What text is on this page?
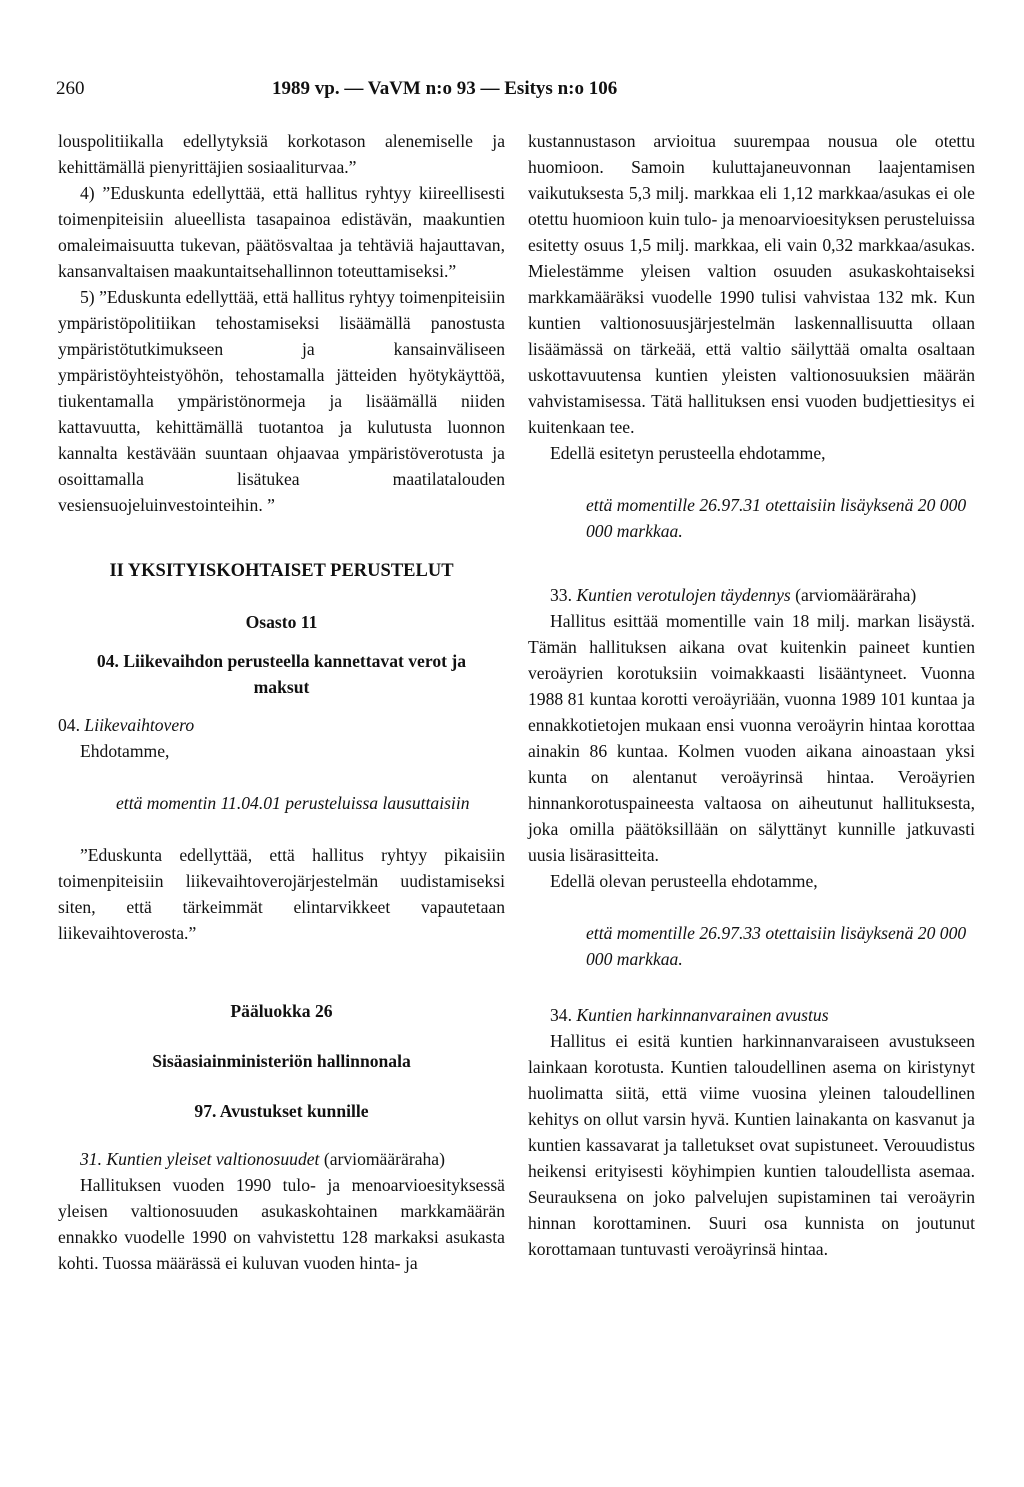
260	1989 vp. — VaVM n:o 93 — Esitys n:o 106

louspolitiikalla edellytyksiä korkotason alenemiselle ja kehittämällä pienyrittäjien sosiaaliturvaa.”

4) ”Eduskunta edellyttää, että hallitus ryhtyy kiireellisesti toimenpiteisiin alueellista tasapainoa edistävän, maakuntien omaleimaisuutta tukevan, päätösvaltaa ja tehtäviä hajauttavan, kansanvaltaisen maakuntaitsehallinnon toteuttamiseksi.”

5) ”Eduskunta edellyttää, että hallitus ryhtyy toimenpiteisiin ympäristöpolitiikan tehostamiseksi lisäämällä panostusta ympäristötutkimukseen ja kansainväliseen ympäristöyhteistyöhön, tehostamalla jätteiden hyötykäyttöä, tiukentamalla ympäristönormeja ja lisäämällä niiden kattavuutta, kehittämällä tuotantoa ja kulutusta luonnon kannalta kestävään suuntaan ohjaavaa ympäristöverotusta ja osoittamalla lisätukea maatilatalouden vesiensuojeluinvestointeihin. ”

II YKSITYISKOHTAISET PERUSTELUT

Osasto 11

04. Liikevaihdon perusteella kannettavat verot ja maksut

04. Liikevaihtovero

Ehdotamme,

että momentin 11.04.01 perusteluissa lausuttaisiin

”Eduskunta edellyttää, että hallitus ryhtyy pikaisiin toimenpiteisiin liikevaihtoverojärjestelmän uudistamiseksi siten, että tärkeimmät elintarvikkeet vapautetaan liikevaihtoverosta.”

Pääluokka 26

Sisäasiainministeriön hallinnonala

97. Avustukset kunnille

31. Kuntien yleiset valtionosuudet (arviomääräraha)

Hallituksen vuoden 1990 tulo- ja menoarvioesityksessä yleisen valtionosuuden asukaskohtainen markkamäärän ennakko vuodelle 1990 on vahvistettu 128 markaksi asukasta kohti. Tuossa määrässä ei kuluvan vuoden hinta- ja

kustannustason arvioitua suurempaa nousua ole otettu huomioon. Samoin kuluttajaneuvonnan laajentamisen vaikutuksesta 5,3 milj. markkaa eli 1,12 markkaa/asukas ei ole otettu huomioon kuin tulo- ja menoarvioesityksen perusteluissa esitetty osuus 1,5 milj. markkaa, eli vain 0,32 markkaa/asukas. Mielestämme yleisen valtion osuuden asukaskohtaiseksi markkamääräksi vuodelle 1990 tulisi vahvistaa 132 mk. Kun kuntien valtionosuusjärjestelmän laskennallisuutta ollaan lisäämässä on tärkeää, että valtio säilyttää omalta osaltaan uskottavuutensa kuntien yleisten valtionosuuksien määrän vahvistamisessa. Tätä hallituksen ensi vuoden budjettiesitys ei kuitenkaan tee.

Edellä esitetyn perusteella ehdotamme,

että momentille 26.97.31 otettaisiin lisäyksenä 20 000 000 markkaa.

33. Kuntien verotulojen täydennys (arviomääräraha)

Hallitus esittää momentille vain 18 milj. markan lisäystä. Tämän hallituksen aikana ovat kuitenkin paineet kuntien veroäyrien korotuksiin voimakkaasti lisääntyneet. Vuonna 1988 81 kuntaa korotti veroäyriään, vuonna 1989 101 kuntaa ja ennakkotietojen mukaan ensi vuonna veroäyrin hintaa korottaa ainakin 86 kuntaa. Kolmen vuoden aikana ainoastaan yksi kunta on alentanut veroäyrinsä hintaa. Veroäyrien hinnankorotuspaineesta valtaosa on aiheutunut hallituksesta, joka omilla päätöksillään on sälyttänyt kunnille jatkuvasti uusia lisärasitteita.

Edellä olevan perusteella ehdotamme,

että momentille 26.97.33 otettaisiin lisäyksenä 20 000 000 markkaa.

34. Kuntien harkinnanvarainen avustus

Hallitus ei esitä kuntien harkinnanvaraiseen avustukseen lainkaan korotusta. Kuntien taloudellinen asema on kiristynyt huolimatta siitä, että viime vuosina yleinen taloudellinen kehitys on ollut varsin hyvä. Kuntien lainakanta on kasvanut ja kuntien kassavarat ja talletukset ovat supistuneet. Verouudistus heikensi erityisesti köyhimpien kuntien taloudellista asemaa. Seurauksena on joko palvelujen supistaminen tai veroäyrin hinnan korottaminen. Suuri osa kunnista on joutunut korottamaan tuntuvasti veroäyrinsä hintaa.
